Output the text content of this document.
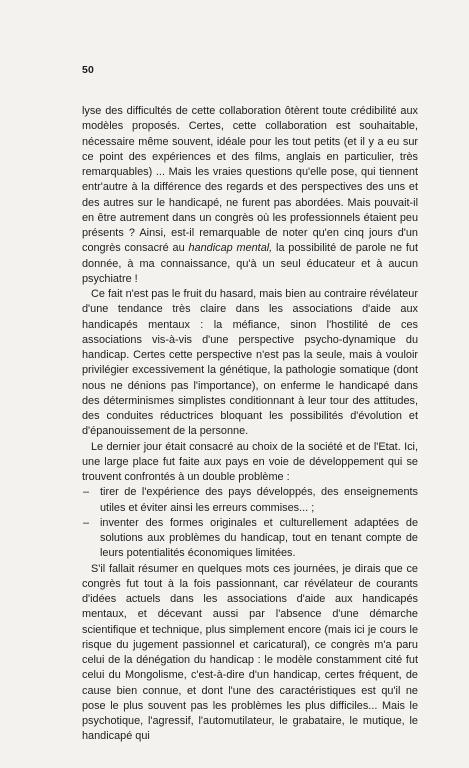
50

lyse des difficultés de cette collaboration ôtèrent toute crédibilité aux modèles proposés. Certes, cette collaboration est souhaitable, nécessaire même souvent, idéale pour les tout petits (et il y a eu sur ce point des expériences et des films, anglais en particulier, très remarquables) ... Mais les vraies questions qu'elle pose, qui tiennent entr'autre à la différence des regards et des perspectives des uns et des autres sur le handicapé, ne furent pas abordées. Mais pouvait-il en être autrement dans un congrès où les professionnels étaient peu présents ? Ainsi, est-il remarquable de noter qu'en cinq jours d'un congrès consacré au handicap mental, la possibilité de parole ne fut donnée, à ma connaissance, qu'à un seul éducateur et à aucun psychiatre !

Ce fait n'est pas le fruit du hasard, mais bien au contraire révélateur d'une tendance très claire dans les associations d'aide aux handicapés mentaux : la méfiance, sinon l'hostilité de ces associations vis-à-vis d'une perspective psycho-dynamique du handicap. Certes cette perspective n'est pas la seule, mais à vouloir privilégier excessivement la génétique, la pathologie somatique (dont nous ne dénions pas l'importance), on enferme le handicapé dans des déterminismes simplistes conditionnant à leur tour des attitudes, des conduites réductrices bloquant les possibilités d'évolution et d'épanouissement de la personne.

Le dernier jour était consacré au choix de la société et de l'Etat. Ici, une large place fut faite aux pays en voie de développement qui se trouvent confrontés à un double problème :

– tirer de l'expérience des pays développés, des enseignements utiles et éviter ainsi les erreurs commises... ;
– inventer des formes originales et culturellement adaptées de solutions aux problèmes du handicap, tout en tenant compte de leurs potentialités économiques limitées.

S'il fallait résumer en quelques mots ces journées, je dirais que ce congrès fut tout à la fois passionnant, car révélateur de courants d'idées actuels dans les associations d'aide aux handicapés mentaux, et décevant aussi par l'absence d'une démarche scientifique et technique, plus simplement encore (mais ici je cours le risque du jugement passionnel et caricatural), ce congrès m'a paru celui de la dénégation du handicap : le modèle constamment cité fut celui du Mongolisme, c'est-à-dire d'un handicap, certes fréquent, de cause bien connue, et dont l'une des caractéristiques est qu'il ne pose le plus souvent pas les problèmes les plus difficiles... Mais le psychotique, l'agressif, l'automutilateur, le grabataire, le mutique, le handicapé qui
